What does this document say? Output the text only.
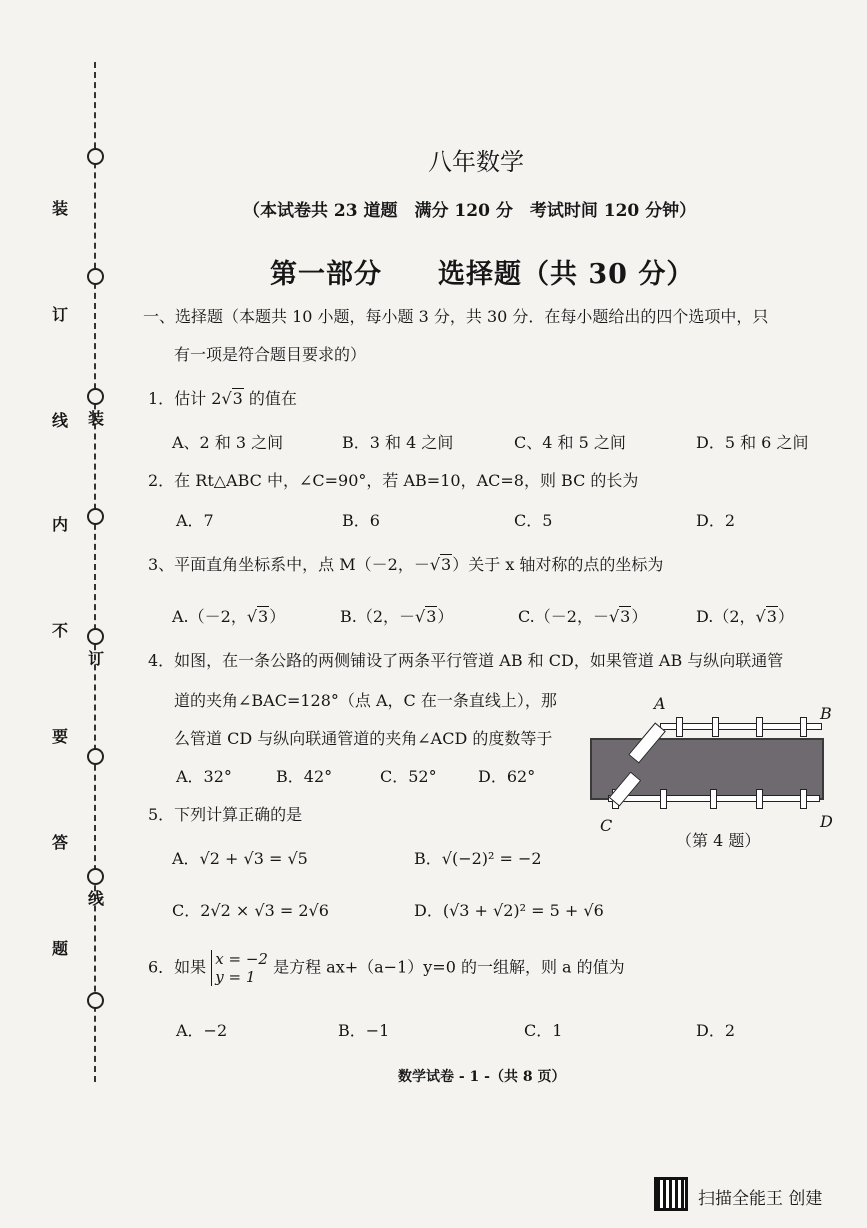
装
订
线
内
不
要
答
题
装
订
线
八年数学
（本试卷共 23 道题　满分 120 分　考试时间 120 分钟）
第一部分　　选择题（共 30 分）
一、选择题（本题共 10 小题，每小题 3 分，共 30 分．在每小题给出的四个选项中，只
有一项是符合题目要求的）
1．估计 2√3 的值在
A、2 和 3 之间	B．3 和 4 之间	C、4 和 5 之间	D．5 和 6 之间
2．在 Rt△ABC 中，∠C=90°，若 AB=10，AC=8，则 BC 的长为
A．7	B．6	C．5	D．2
3、平面直角坐标系中，点 M（－2，－√3）关于 x 轴对称的点的坐标为
A.（－2，√3）	B.（2，－√3）	C.（－2，－√3）	D.（2，√3）
4．如图，在一条公路的两侧铺设了两条平行管道 AB 和 CD，如果管道 AB 与纵向联通管
道的夹角∠BAC=128°（点 A，C 在一条直线上），那
么管道 CD 与纵向联通管道的夹角∠ACD 的度数等于
A．32°	B．42°	C．52°	D．62°
A
B
C	D
（第 4 题）
5．下列计算正确的是
A．√2 + √3 = √5	B．√(−2)² = −2
C．2√2 × √3 = 2√6	D．(√3 + √2)² = 5 + √6
6．如果 x = −2
y = 1 是方程 ax+（a−1）y=0 的一组解，则 a 的值为
A．−2	B．−1	C．1	D．2
数学试卷 - 1 -（共 8 页）
扫描全能王 创建
